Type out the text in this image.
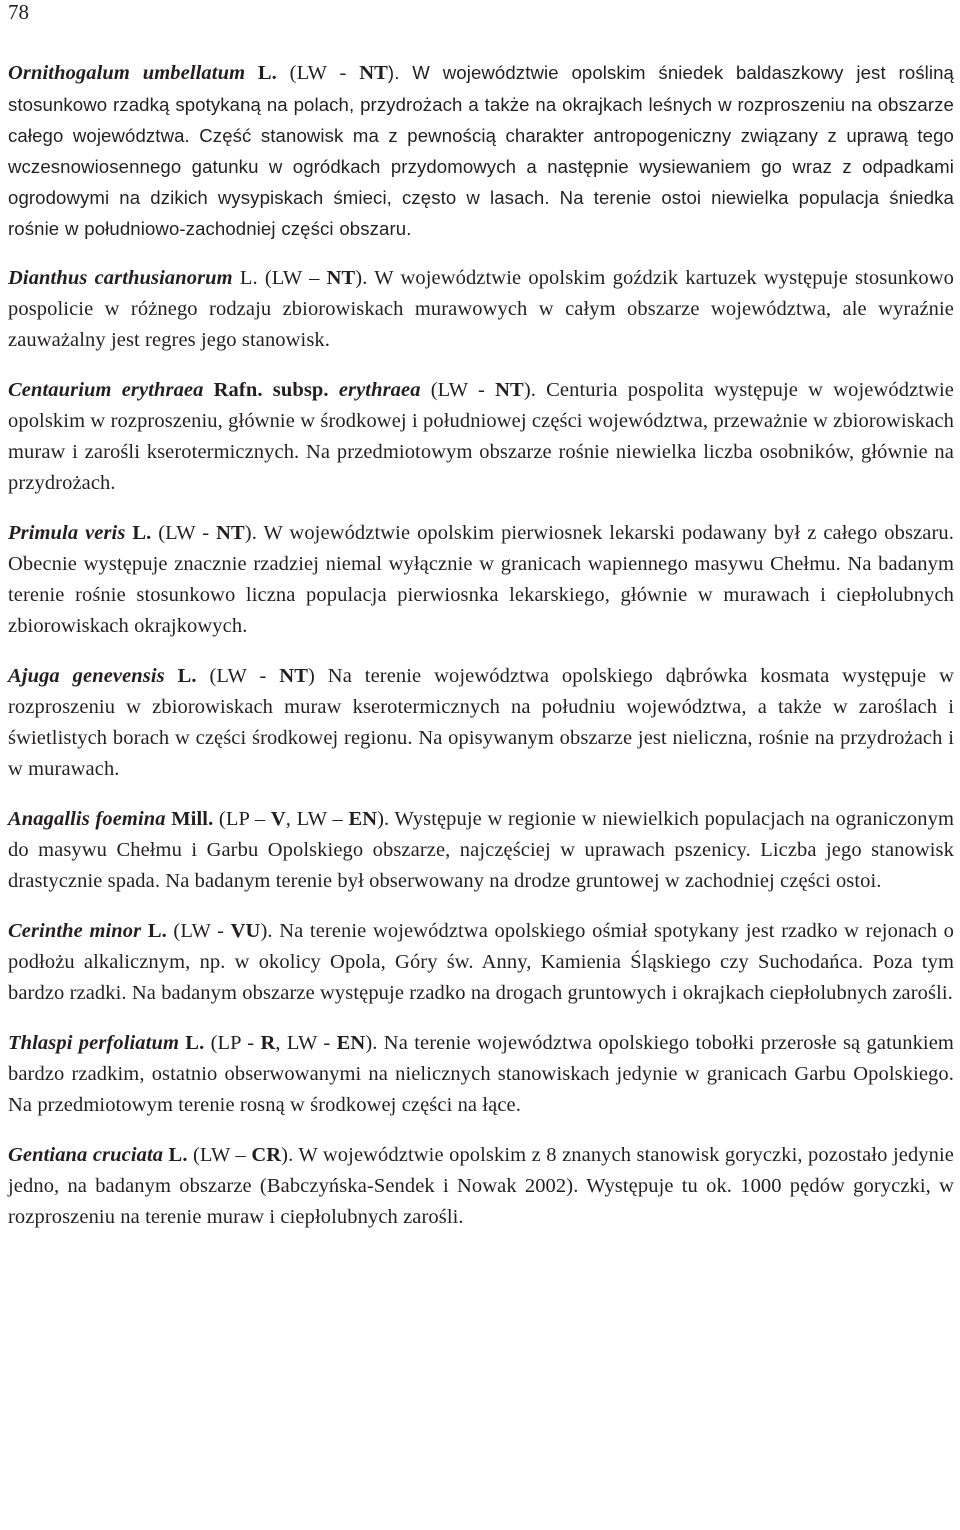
78

Ornithogalum umbellatum L. (LW - NT). W województwie opolskim śniedek baldaszkowy jest rośliną stosunkowo rzadką spotykaną na polach, przydrożach a także na okrajkach leśnych w rozproszeniu na obszarze całego województwa. Część stanowisk ma z pewnością charakter antropogeniczny związany z uprawą tego wczesnowiosennego gatunku w ogródkach przydomowych a następnie wysiewaniem go wraz z odpadkami ogrodowymi na dzikich wysypiskach śmieci, często w lasach. Na terenie ostoi niewielka populacja śniedka rośnie w południowo-zachodniej części obszaru.

Dianthus carthusianorum L. (LW – NT). W województwie opolskim goździk kartuzek występuje stosunkowo pospolicie w różnego rodzaju zbiorowiskach murawowych w całym obszarze województwa, ale wyraźnie zauważalny jest regres jego stanowisk.

Centaurium erythraea Rafn. subsp. erythraea (LW - NT). Centuria pospolita występuje w województwie opolskim w rozproszeniu, głównie w środkowej i południowej części województwa, przeważnie w zbiorowiskach muraw i zarośli kserotermicznych. Na przedmiotowym obszarze rośnie niewielka liczba osobników, głównie na przydrożach.

Primula veris L. (LW - NT). W województwie opolskim pierwiosnek lekarski podawany był z całego obszaru. Obecnie występuje znacznie rzadziej niemal wyłącznie w granicach wapiennego masywu Chełmu. Na badanym terenie rośnie stosunkowo liczna populacja pierwiosnka lekarskiego, głównie w murawach i ciepłolubnych zbiorowiskach okrajkowych.

Ajuga genevensis L. (LW - NT) Na terenie województwa opolskiego dąbrówka kosmata występuje w rozproszeniu w zbiorowiskach muraw kserotermicznych na południu województwa, a także w zaroślach i świetlistych borach w części środkowej regionu. Na opisywanym obszarze jest nieliczna, rośnie na przydrożach i w murawach.

Anagallis foemina Mill. (LP – V, LW – EN). Występuje w regionie w niewielkich populacjach na ograniczonym do masywu Chełmu i Garbu Opolskiego obszarze, najczęściej w uprawach pszenicy. Liczba jego stanowisk drastycznie spada. Na badanym terenie był obserwowany na drodze gruntowej w zachodniej części ostoi.

Cerinthe minor L. (LW - VU). Na terenie województwa opolskiego ośmiał spotykany jest rzadko w rejonach o podłożu alkalicznym, np. w okolicy Opola, Góry św. Anny, Kamienia Śląskiego czy Suchodańca. Poza tym bardzo rzadki. Na badanym obszarze występuje rzadko na drogach gruntowych i okrajkach ciepłolubnych zarośli.

Thlaspi perfoliatum L. (LP - R, LW - EN). Na terenie województwa opolskiego tobołki przerosłe są gatunkiem bardzo rzadkim, ostatnio obserwowanymi na nielicznych stanowiskach jedynie w granicach Garbu Opolskiego. Na przedmiotowym terenie rosną w środkowej części na łące.

Gentiana cruciata L. (LW – CR). W województwie opolskim z 8 znanych stanowisk goryczki, pozostało jedynie jedno, na badanym obszarze (Babczyńska-Sendek i Nowak 2002). Występuje tu ok. 1000 pędów goryczki, w rozproszeniu na terenie muraw i ciepłolubnych zarośli.
